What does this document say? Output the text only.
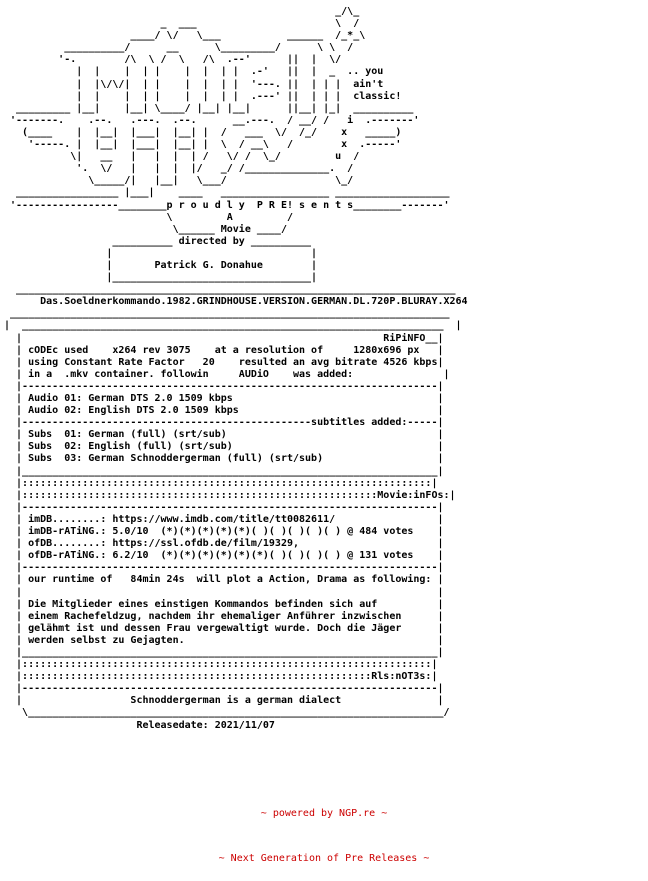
_/\_
_  ___                       \  /
____/ \/   \___           ______  /_*_\
__________/      __      \_________/      \ \  /
'-.        /\  \ /  \   /\  .--'      ||  |  \/
|  |    |  | |    |  |  | |  .-'   ||  |  _  .. you
|  |\/\/|  | |    |  |  | |  '---. ||  | | |  ain't
|  |    |  | |    |  |  | |  .---' ||  | | |  classic!
_________ |__|    |__| \____/ |__| |__|      ||__| |_|  __________
'-------.    .--.   .---.  .--.      __.---.  / __/ /   i  .-------'
(____    |  |__|  |___|  |__| |  /   ___  \/  /_/    x   _____)
'-----. |  |__|  |___|  |__| |  \  / __\   /        x  .-----'
\|   __   |   |  |  | /   \/ /  \_/         u  /
'.  \/   |   |  |  |/   _/ /______________.  /
\_____/|   |__|   \___/                  \_/
_________________ |___|    ____   __________________ ___________________
'-----------------________p r o u d l y  P R E! s e n t s________-------'
\         A         /
\______ Movie ____/
__________ directed by __________
|                                 |
|       Patrick G. Donahue        |
|_________________________________|
_________________________________________________________________________
Das.Soeldnerkommando.1982.GRINDHOUSE.VERSION.GERMAN.DL.720P.BLURAY.X264
_________________________________________________________________________
|  ______________________________________________________________________  |
|                                                            RiPiNFO__|
| cODEc used    x264 rev 3075    at a resolution of     1280x696 px   |
| using Constant Rate Factor   20    resulted an avg bitrate 4526 kbps|
| in a  .mkv container. followin     AUDiO    was added:               |
|---------------------------------------------------------------------|
| Audio 01: German DTS 2.0 1509 kbps                                  |
| Audio 02: English DTS 2.0 1509 kbps                                 |
|------------------------------------------------subtitles added:-----|
| Subs  01: German (full) (srt/sub)                                   |
| Subs  02: English (full) (srt/sub)                                  |
| Subs  03: German Schnoddergerman (full) (srt/sub)                   |
|_____________________________________________________________________|
|::::::::::::::::::::::::::::::::::::::::::::::::::::::::::::::::::::|
|:::::::::::::::::::::::::::::::::::::::::::::::::::::::::::Movie:inFOs:|
|---------------------------------------------------------------------|
| imDB........: https://www.imdb.com/title/tt0082611/                 |
| imDB-rATiNG.: 5.0/10  (*)(*)(*)(*)(*)( )( )( )( )( ) @ 484 votes    |
| ofDB........: https://ssl.ofdb.de/film/19329,                       |
| ofDB-rATiNG.: 6.2/10  (*)(*)(*)(*)(*)(*)( )( )( )( ) @ 131 votes    |
|---------------------------------------------------------------------|
| our runtime of   84min 24s  will plot a Action, Drama as following: |
|                                                                     |
| Die Mitglieder eines einstigen Kommandos befinden sich auf          |
| einem Rachefeldzug, nachdem ihr ehemaliger Anführer inzwischen      |
| gelähmt ist und dessen Frau vergewaltigt wurde. Doch die Jäger      |
| werden selbst zu Gejagten.                                          |
|_____________________________________________________________________|
|::::::::::::::::::::::::::::::::::::::::::::::::::::::::::::::::::::|
|::::::::::::::::::::::::::::::::::::::::::::::::::::::::::Rls:nOT3s:|
|---------------------------------------------------------------------|
|                  Schnoddergerman is a german dialect                |
\_____________________________________________________________________/
Releasedate: 2021/11/07

~ powered by NGP.re ~

~ Next Generation of Pre Releases ~
